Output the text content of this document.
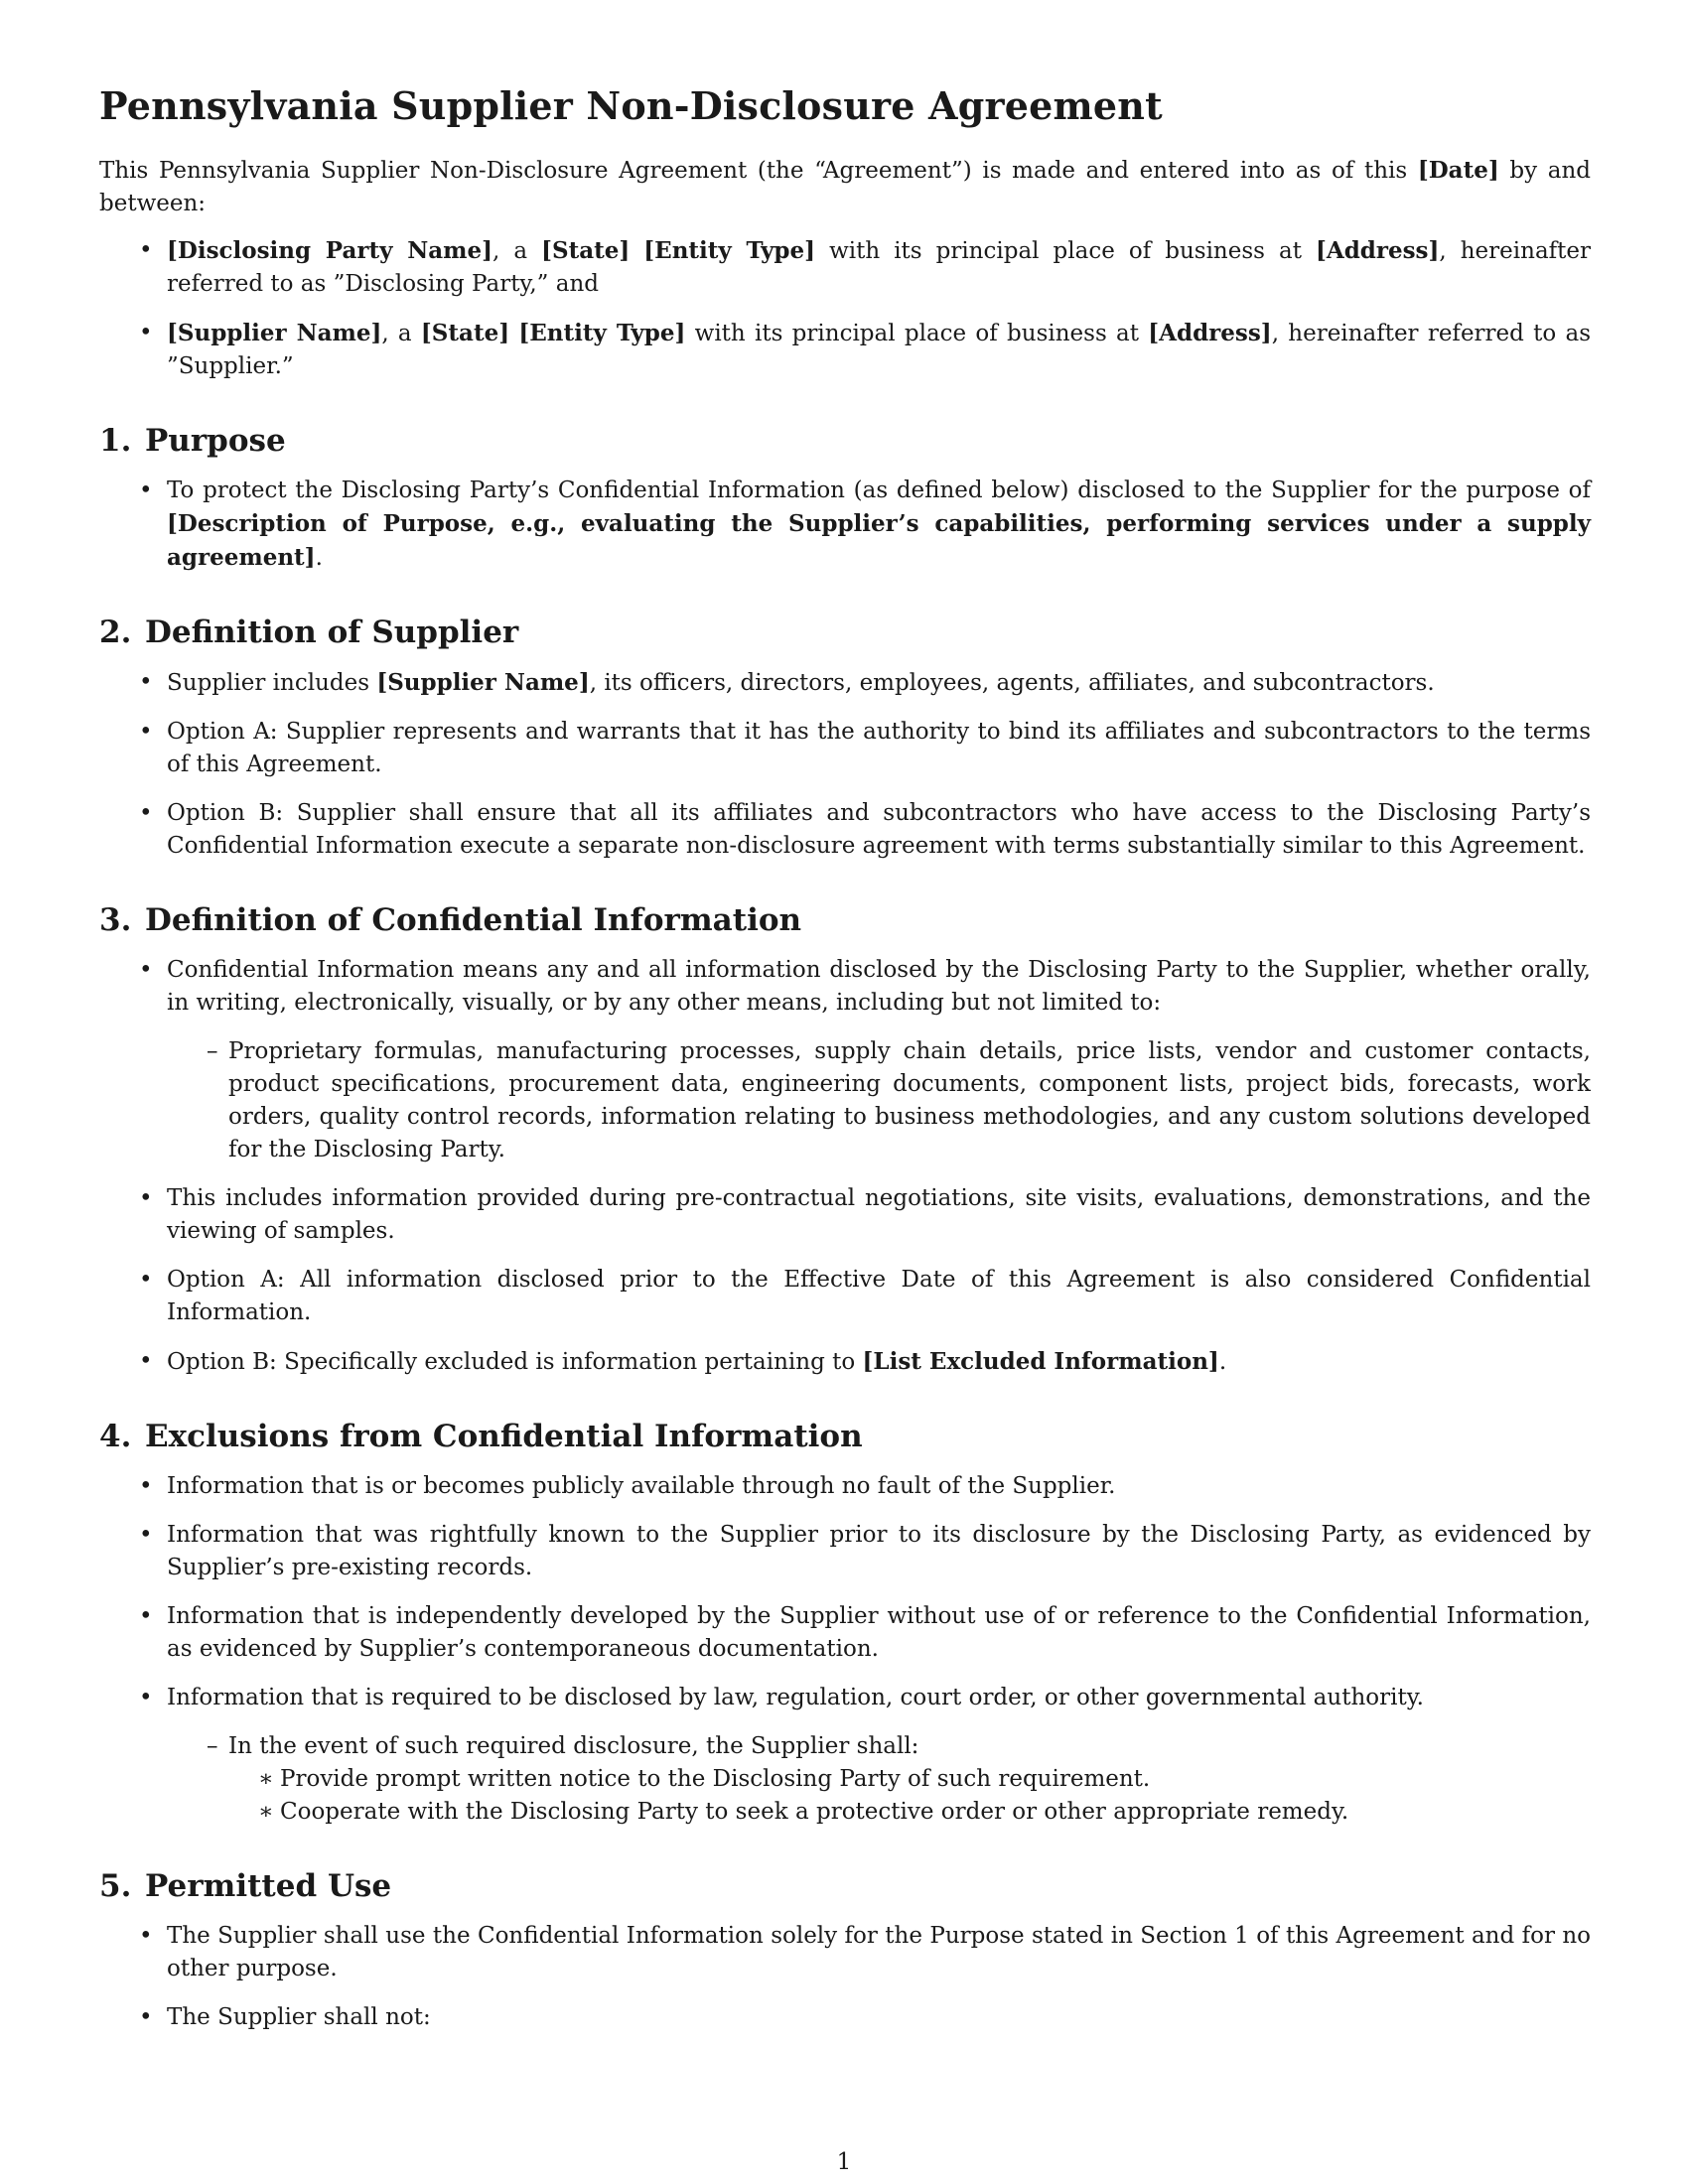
Pennsylvania Supplier Non-Disclosure Agreement

This Pennsylvania Supplier Non-Disclosure Agreement (the “Agreement”) is made and entered into as of this [Date] by and between:

• [Disclosing Party Name], a [State] [Entity Type] with its principal place of business at [Address], hereinafter referred to as ”Disclosing Party,” and
• [Supplier Name], a [State] [Entity Type] with its principal place of business at [Address], hereinafter referred to as ”Supplier.”
1. Purpose
• To protect the Disclosing Party’s Confidential Information (as defined below) disclosed to the Supplier for the purpose of [Description of Purpose, e.g., evaluating the Supplier’s capabilities, performing services under a supply agreement].
2. Definition of Supplier
• Supplier includes [Supplier Name], its officers, directors, employees, agents, affiliates, and subcontractors.
• Option A: Supplier represents and warrants that it has the authority to bind its affiliates and subcontractors to the terms of this Agreement.
• Option B: Supplier shall ensure that all its affiliates and subcontractors who have access to the Disclosing Party’s Confidential Information execute a separate non-disclosure agreement with terms substantially similar to this Agreement.
3. Definition of Confidential Information
• Confidential Information means any and all information disclosed by the Disclosing Party to the Supplier, whether orally, in writing, electronically, visually, or by any other means, including but not limited to:
– Proprietary formulas, manufacturing processes, supply chain details, price lists, vendor and customer contacts, product specifications, procurement data, engineering documents, component lists, project bids, forecasts, work orders, quality control records, information relating to business methodologies, and any custom solutions developed for the Disclosing Party.
• This includes information provided during pre-contractual negotiations, site visits, evaluations, demonstrations, and the viewing of samples.
• Option A: All information disclosed prior to the Effective Date of this Agreement is also considered Confidential Information.
• Option B: Specifically excluded is information pertaining to [List Excluded Information].
4. Exclusions from Confidential Information
• Information that is or becomes publicly available through no fault of the Supplier.
• Information that was rightfully known to the Supplier prior to its disclosure by the Disclosing Party, as evidenced by Supplier’s pre-existing records.
• Information that is independently developed by the Supplier without use of or reference to the Confidential Information, as evidenced by Supplier’s contemporaneous documentation.
• Information that is required to be disclosed by law, regulation, court order, or other governmental authority.
– In the event of such required disclosure, the Supplier shall:
∗ Provide prompt written notice to the Disclosing Party of such requirement.
∗ Cooperate with the Disclosing Party to seek a protective order or other appropriate remedy.
5. Permitted Use
• The Supplier shall use the Confidential Information solely for the Purpose stated in Section 1 of this Agreement and for no other purpose.
• The Supplier shall not:
1
